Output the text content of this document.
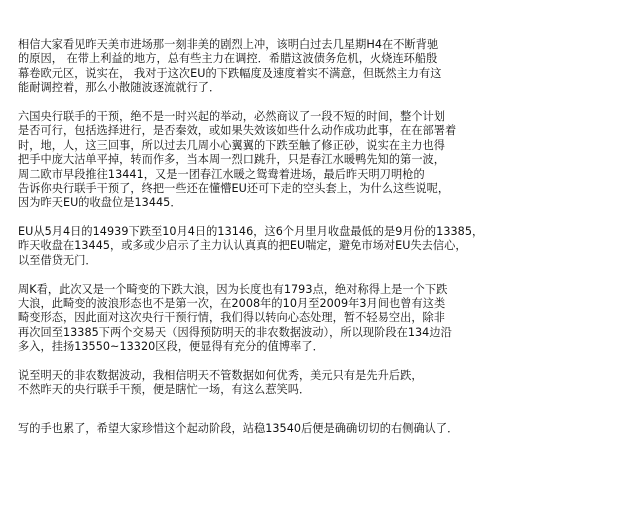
相信大家看见昨天美市进场那一刻非美的剧烈上冲，该明白过去几星期H4在不断背驰
的原因， 在带上利益的地方，总有些主力在调控．希腊这波债务危机，火烧连环船殷
幕卷欧元区，说实在， 我对于这次EU的下跌幅度及速度着实不满意，但既然主力有这
能耐调控着，那么小散随波逐流就行了．
六国央行联手的干预，绝不是一时兴起的举动，必然商议了一段不短的时间，整个计划
是否可行，包括选择进行，是否秦效，或如果失效该如些什么动作成功此事，在在部署着
时，地，人，这三回事，所以过去几周小心翼翼的下跌至触了修正砂，说实在主力也得
把手中庞大沽单平掉，转而作多，当本周一烈口跳升，只是春江水暖鸭先知的第一波，
周二欧市早段推往13441，又是一团春江水暖之鸳鸯着进场，最后昨天明刀明枪的
告诉你央行联手干预了，终把一些还在懂懵EU还可下走的空头套上，为什么这些说呢，
因为昨天EU的收盘位是13445．
EU从5月4日的14939下跌至10月4日的13146，这6个月里月收盘最低的是9月份的13385，
昨天收盘在13445，或多或少启示了主力认认真真的把EU喘定，避免市场对EU失去信心，
以至借贷无门．
周K看，此次又是一个畸变的下跌大浪，因为长度也有1793点，绝对称得上是一个下跌
大浪，此畸变的波浪形态也不是第一次，在2008年的10月至2009年3月间也曾有这类
畸变形态，因此面对这次央行干预行情，我们得以转向心态处理，暂不轻易空出，除非
再次回至13385下两个交易天（因得预防明天的非农数据波动），所以现阶段在134边沿
多入，挂扬13550~13320区段，便显得有充分的值博率了．
说至明天的非农数据波动，我相信明天不管数据如何优秀，美元只有是先升后跌，
不然昨天的央行联手干预，便是瞎忙一场，有这么惹笑吗．
写的手也累了，希望大家珍惜这个起动阶段，站稳13540后便是确确切切的右侧确认了．
